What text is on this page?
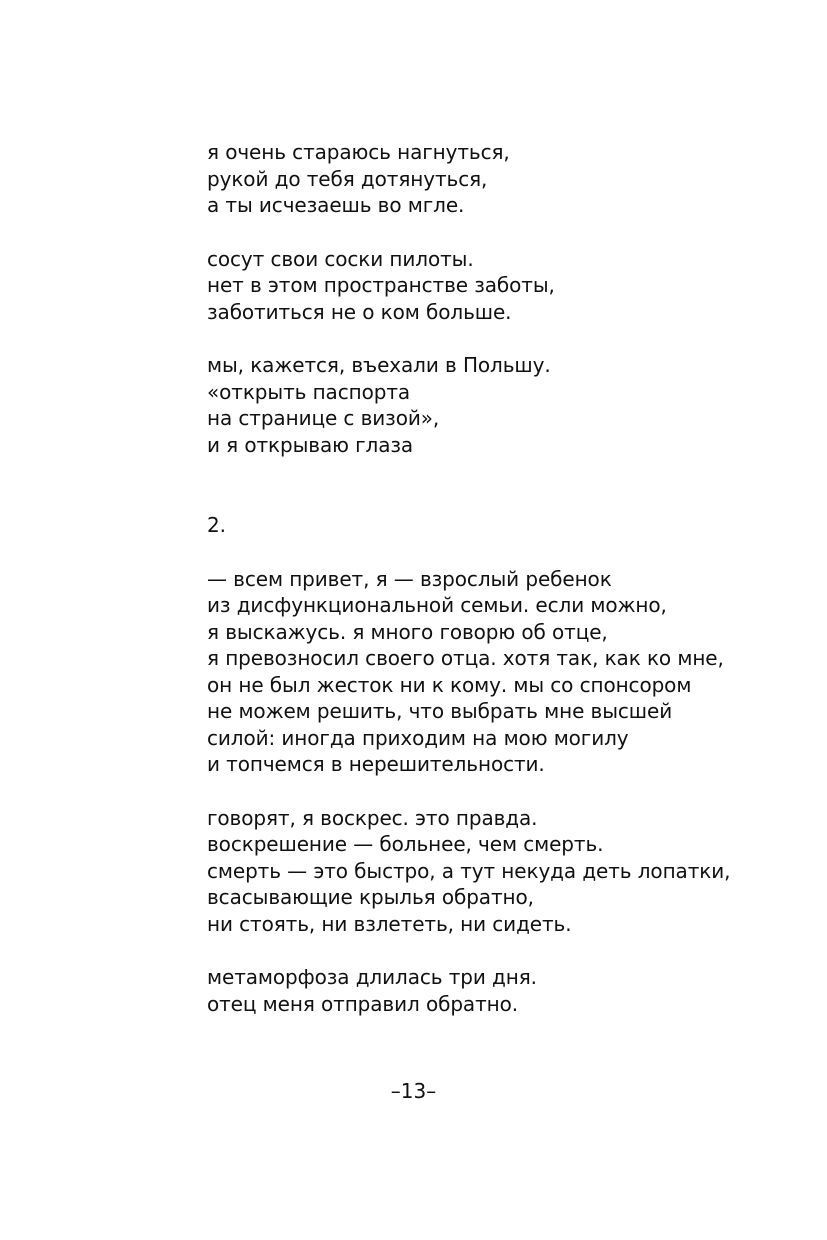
я очень стараюсь нагнуться,
рукой до тебя дотянуться,
а ты исчезаешь во мгле.
сосут свои соски пилоты.
нет в этом пространстве заботы,
заботиться не о ком больше.
мы, кажется, въехали в Польшу.
«открыть паспорта
на странице с визой»,
и я открываю глаза
2.
— всем привет, я — взрослый ребенок
из дисфункциональной семьи. если можно,
я выскажусь. я много говорю об отце,
я превозносил своего отца. хотя так, как ко мне,
он не был жесток ни к кому. мы со спонсором
не можем решить, что выбрать мне высшей
силой: иногда приходим на мою могилу
и топчемся в нерешительности.
говорят, я воскрес. это правда.
воскрешение — больнее, чем смерть.
смерть — это быстро, а тут некуда деть лопатки,
всасывающие крылья обратно,
ни стоять, ни взлететь, ни сидеть.
метаморфоза длилась три дня.
отец меня отправил обратно.
–13–
